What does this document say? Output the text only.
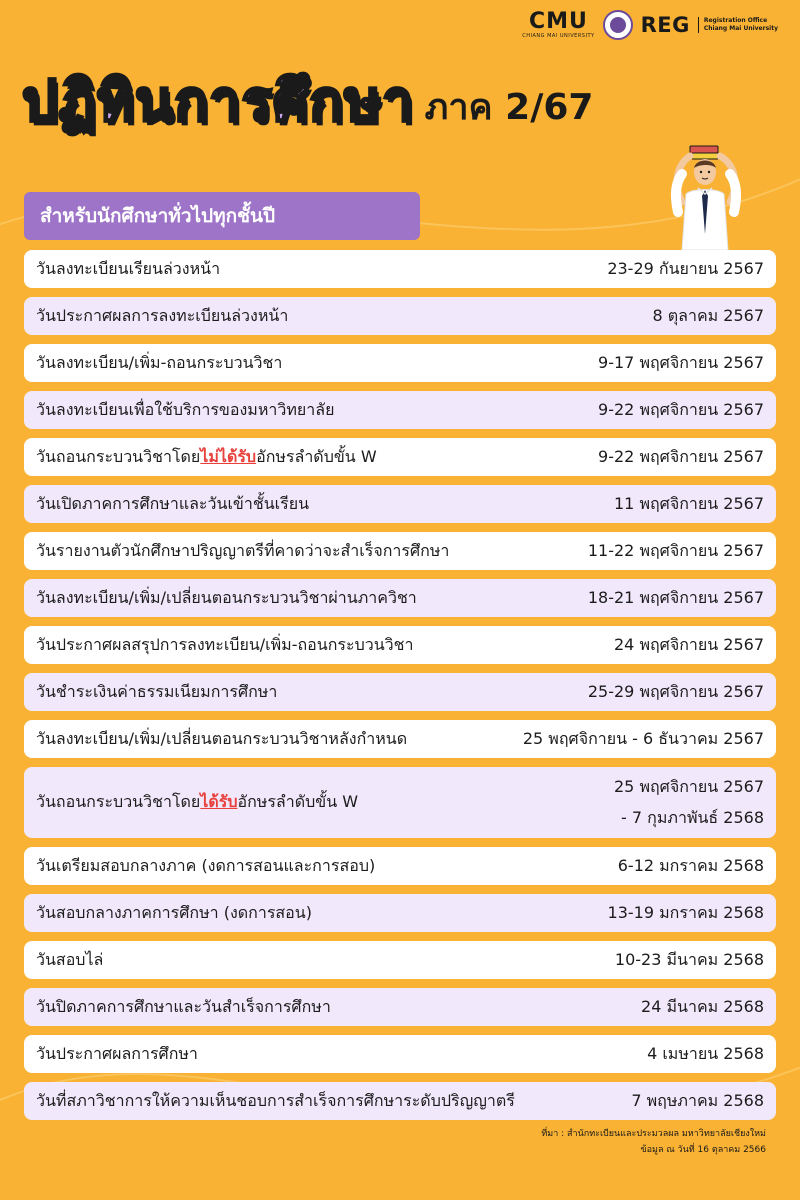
CMU
CHIANG MAI UNIVERSITY REG Registration Office
Chiang Mai University
ปฏิทินการศึกษา ภาค 2/67
สำหรับนักศึกษาทั่วไปทุกชั้นปี
วันลงทะเบียนเรียนล่วงหน้า	23-29 กันยายน 2567
วันประกาศผลการลงทะเบียนล่วงหน้า	8 ตุลาคม 2567
วันลงทะเบียน/เพิ่ม-ถอนกระบวนวิชา	9-17 พฤศจิกายน 2567
วันลงทะเบียนเพื่อใช้บริการของมหาวิทยาลัย	9-22 พฤศจิกายน 2567
วันถอนกระบวนวิชาโดยไม่ได้รับอักษรลำดับขั้น W	9-22 พฤศจิกายน 2567
วันเปิดภาคการศึกษาและวันเข้าชั้นเรียน	11 พฤศจิกายน 2567
วันรายงานตัวนักศึกษาปริญญาตรีที่คาดว่าจะสำเร็จการศึกษา	11-22 พฤศจิกายน 2567
วันลงทะเบียน/เพิ่ม/เปลี่ยนตอนกระบวนวิชาผ่านภาควิชา	18-21 พฤศจิกายน 2567
วันประกาศผลสรุปการลงทะเบียน/เพิ่ม-ถอนกระบวนวิชา	24 พฤศจิกายน 2567
วันชำระเงินค่าธรรมเนียมการศึกษา	25-29 พฤศจิกายน 2567
วันลงทะเบียน/เพิ่ม/เปลี่ยนตอนกระบวนวิชาหลังกำหนด	25 พฤศจิกายน - 6 ธันวาคม 2567
วันถอนกระบวนวิชาโดยได้รับอักษรลำดับขั้น W
25 พฤศจิกายน 2567
- 7 กุมภาพันธ์ 2568
วันเตรียมสอบกลางภาค (งดการสอนและการสอบ)	6-12 มกราคม 2568
วันสอบกลางภาคการศึกษา (งดการสอน)	13-19 มกราคม 2568
วันสอบไล่	10-23 มีนาคม 2568
วันปิดภาคการศึกษาและวันสำเร็จการศึกษา	24 มีนาคม 2568
วันประกาศผลการศึกษา	4 เมษายน 2568
วันที่สภาวิชาการให้ความเห็นชอบการสำเร็จการศึกษาระดับปริญญาตรี	7 พฤษภาคม 2568
ที่มา : สำนักทะเบียนและประมวลผล มหาวิทยาลัยเชียงใหม่
ข้อมูล ณ วันที่ 16 ตุลาคม 2566
